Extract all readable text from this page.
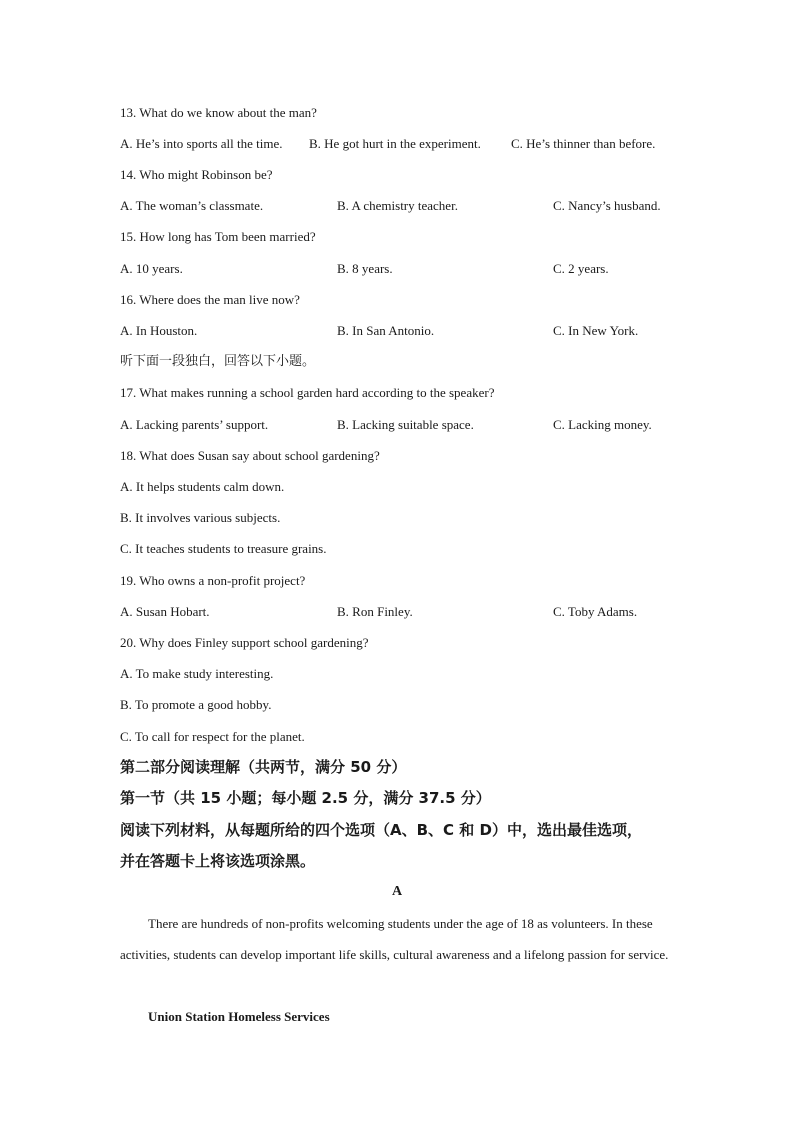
13. What do we know about the man?
A. He’s into sports all the time. B. He got hurt in the experiment. C. He’s thinner than before.
14. Who might Robinson be?
A. The woman’s classmate.	B. A chemistry teacher.	C. Nancy’s husband.
15. How long has Tom been married?
A. 10 years.	B. 8 years.	C. 2 years.
16. Where does the man live now?
A. In Houston.	B. In San Antonio.	C. In New York.
听下面一段独白，回答以下小题。
17. What makes running a school garden hard according to the speaker?
A. Lacking parents’ support.	B. Lacking suitable space.	C. Lacking money.
18. What does Susan say about school gardening?
A. It helps students calm down.
B. It involves various subjects.
C. It teaches students to treasure grains.
19. Who owns a non-profit project?
A. Susan Hobart.	B. Ron Finley.	C. Toby Adams.
20. Why does Finley support school gardening?
A. To make study interesting.
B. To promote a good hobby.
C. To call for respect for the planet.
第二部分阅读理解（共两节，满分 50 分）
第一节（共 15 小题；每小题 2.5 分，满分 37.5 分）
阅读下列材料，从每题所给的四个选项（A、B、C 和 D）中，选出最佳选项，
并在答题卡上将该选项涂黑。
A
There are hundreds of non-profits welcoming students under the age of 18 as volunteers. In these activities, students can develop important life skills, cultural awareness and a lifelong passion for service.
Union Station Homeless Services
